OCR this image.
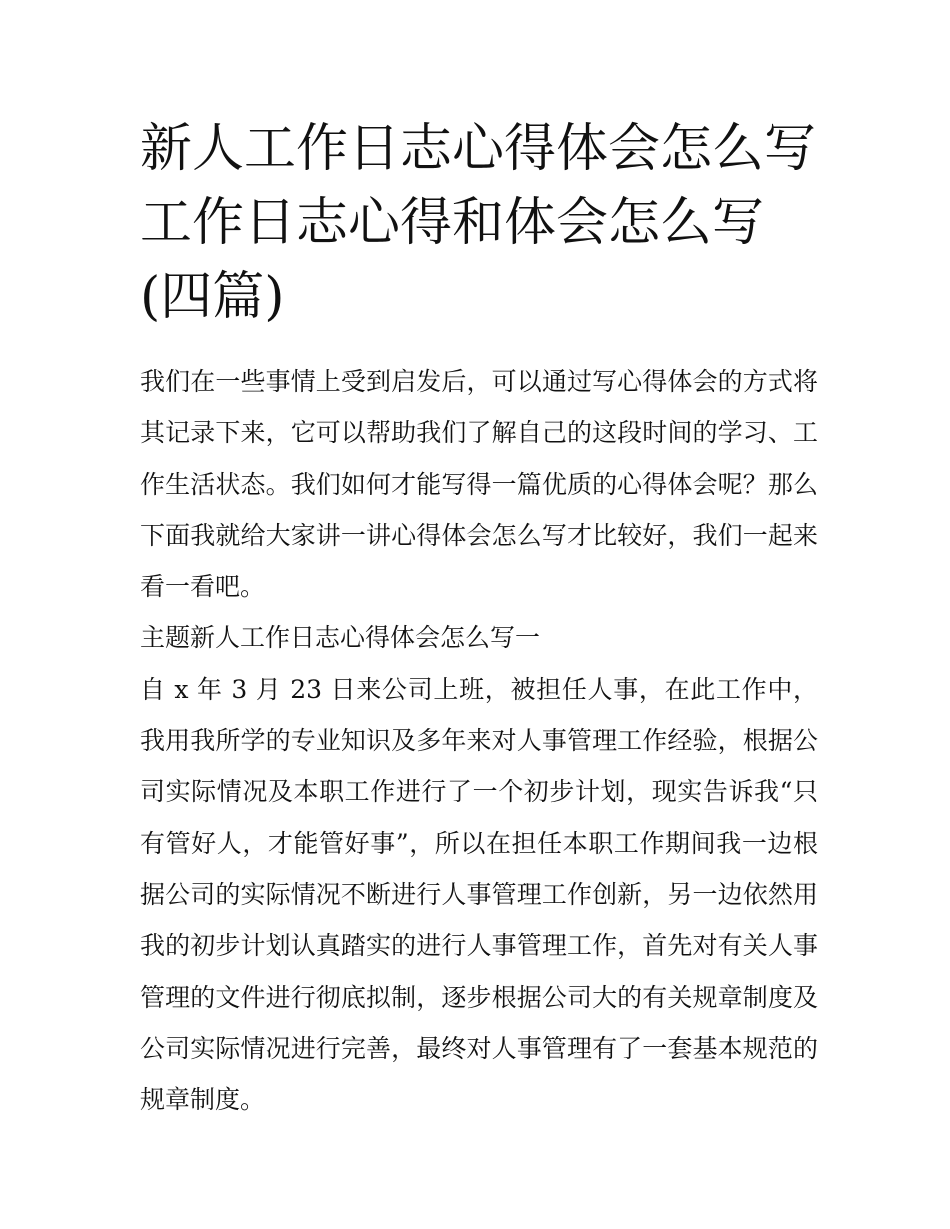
新人工作日志心得体会怎么写工作日志心得和体会怎么写(四篇)

我们在一些事情上受到启发后，可以通过写心得体会的方式将其记录下来，它可以帮助我们了解自己的这段时间的学习、工作生活状态。我们如何才能写得一篇优质的心得体会呢？那么下面我就给大家讲一讲心得体会怎么写才比较好，我们一起来看一看吧。

主题新人工作日志心得体会怎么写一

自 x 年 3 月 23 日来公司上班，被担任人事，在此工作中，我用我所学的专业知识及多年来对人事管理工作经验，根据公司实际情况及本职工作进行了一个初步计划，现实告诉我“只有管好人，才能管好事”，所以在担任本职工作期间我一边根据公司的实际情况不断进行人事管理工作创新，另一边依然用我的初步计划认真踏实的进行人事管理工作，首先对有关人事管理的文件进行彻底拟制，逐步根据公司大的有关规章制度及公司实际情况进行完善，最终对人事管理有了一套基本规范的规章制度。
